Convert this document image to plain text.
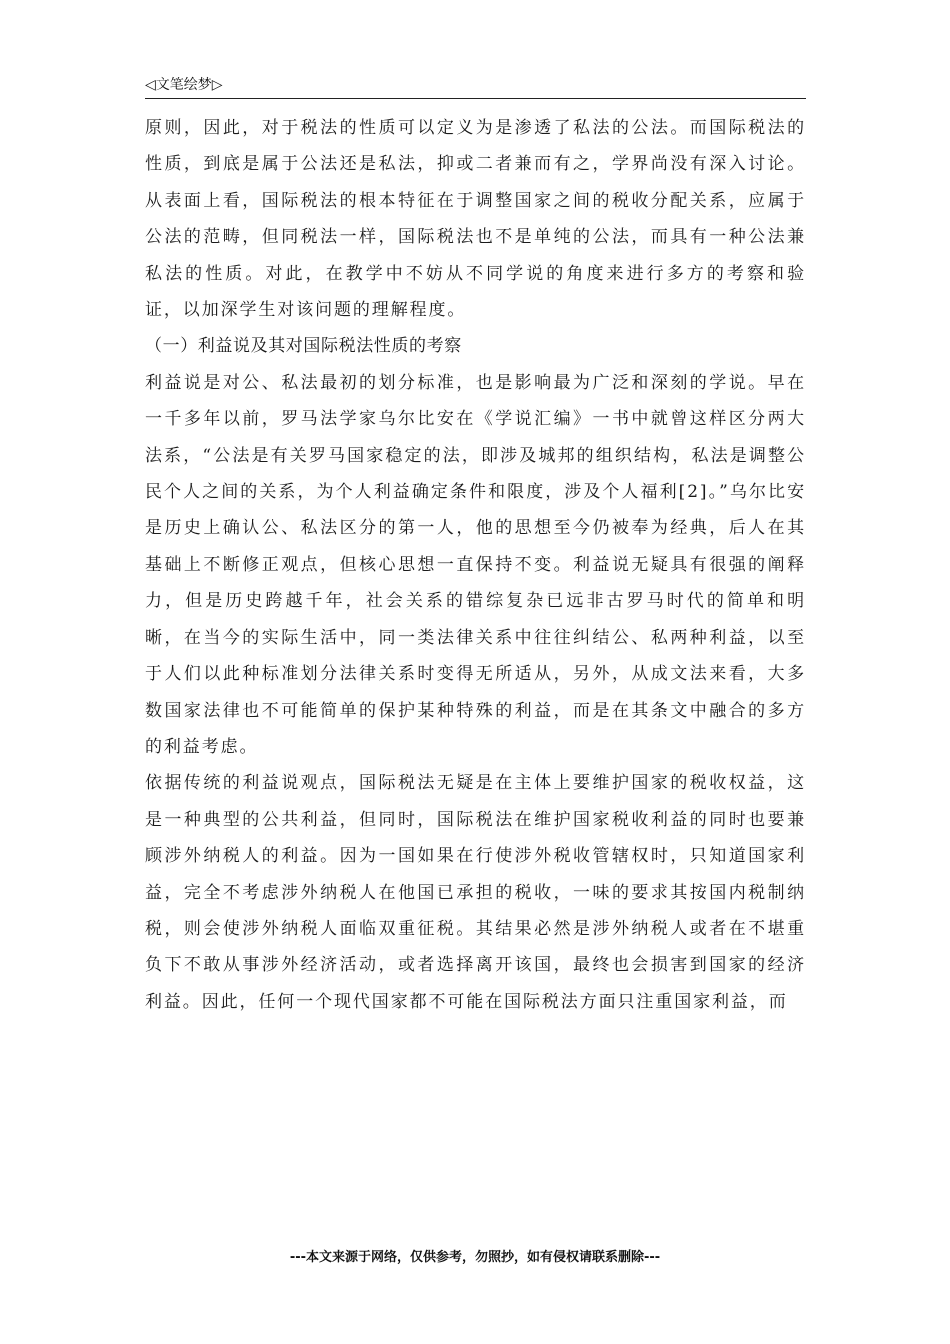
◁文笔绘梦▷

原则，因此，对于税法的性质可以定义为是渗透了私法的公法。而国际税法的性质，到底是属于公法还是私法，抑或二者兼而有之，学界尚没有深入讨论。从表面上看，国际税法的根本特征在于调整国家之间的税收分配关系，应属于公法的范畴，但同税法一样，国际税法也不是单纯的公法，而具有一种公法兼私法的性质。对此，在教学中不妨从不同学说的角度来进行多方的考察和验证，以加深学生对该问题的理解程度。

（一）利益说及其对国际税法性质的考察

利益说是对公、私法最初的划分标准，也是影响最为广泛和深刻的学说。早在一千多年以前，罗马法学家乌尔比安在《学说汇编》一书中就曾这样区分两大法系，“公法是有关罗马国家稳定的法，即涉及城邦的组织结构，私法是调整公民个人之间的关系，为个人利益确定条件和限度，涉及个人福利[2]。”乌尔比安是历史上确认公、私法区分的第一人，他的思想至今仍被奉为经典，后人在其基础上不断修正观点，但核心思想一直保持不变。利益说无疑具有很强的阐释力，但是历史跨越千年，社会关系的错综复杂已远非古罗马时代的简单和明晰，在当今的实际生活中，同一类法律关系中往往纠结公、私两种利益，以至于人们以此种标准划分法律关系时变得无所适从，另外，从成文法来看，大多数国家法律也不可能简单的保护某种特殊的利益，而是在其条文中融合的多方的利益考虑。

依据传统的利益说观点，国际税法无疑是在主体上要维护国家的税收权益，这是一种典型的公共利益，但同时，国际税法在维护国家税收利益的同时也要兼顾涉外纳税人的利益。因为一国如果在行使涉外税收管辖权时，只知道国家利益，完全不考虑涉外纳税人在他国已承担的税收，一味的要求其按国内税制纳税，则会使涉外纳税人面临双重征税。其结果必然是涉外纳税人或者在不堪重负下不敢从事涉外经济活动，或者选择离开该国，最终也会损害到国家的经济利益。因此，任何一个现代国家都不可能在国际税法方面只注重国家利益，而

---本文来源于网络，仅供参考，勿照抄，如有侵权请联系删除---
